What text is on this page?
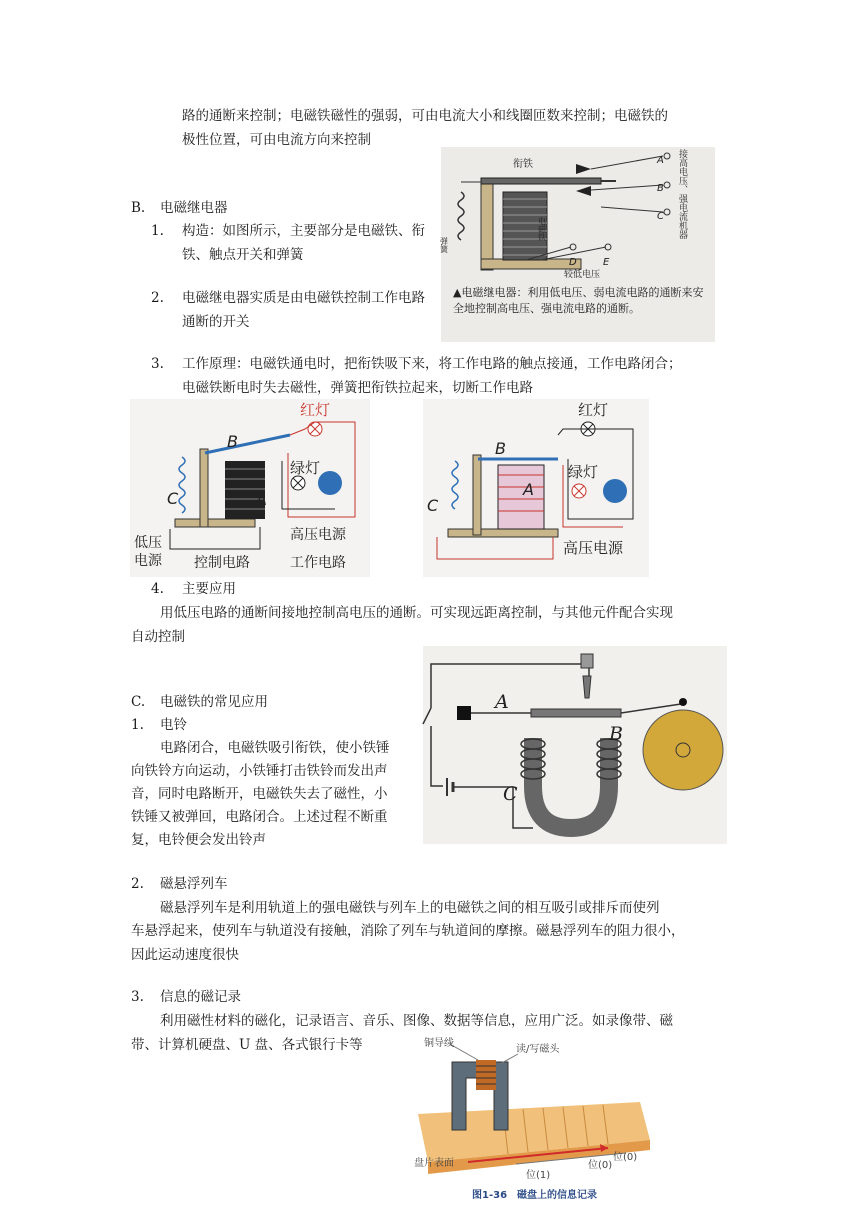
路的通断来控制；电磁铁磁性的强弱，可由电流大小和线圈匝数来控制；电磁铁的
极性位置，可由电流方向来控制
B. 电磁继电器
1. 构造：如图所示，主要部分是电磁铁、衔铁、触点开关和弹簧
2. 电磁继电器实质是由电磁铁控制工作电路通断的开关
3. 工作原理：电磁铁通电时，把衔铁吸下来，将工作电路的触点接通，工作电路闭合；
电磁铁断电时失去磁性，弹簧把衔铁拉起来，切断工作电路
A
B
C
D	E
衔铁
弹簧
电磁铁
较低电压
接高电压、强电流机器
▲电磁继电器：利用低电压、弱电流电路的通断来安全地控制高电压、强电流电路的通断。
红灯
绿灯
B
C	A
低压
电源 控制电路
高压电源
工作电路
红灯
绿灯
B
C
A
高压电源
4. 主要应用
用低压电路的通断间接地控制高电压的通断。可实现远距离控制，与其他元件配合实现
自动控制
C. 电磁铁的常见应用
1. 电铃
电路闭合，电磁铁吸引衔铁，使小铁锤
向铁铃方向运动，小铁锤打击铁铃而发出声
音，同时电路断开，电磁铁失去了磁性，小
铁锤又被弹回，电路闭合。上述过程不断重
复，电铃便会发出铃声
A
B
C
2. 磁悬浮列车
磁悬浮列车是利用轨道上的强电磁铁与列车上的电磁铁之间的相互吸引或排斥而使列
车悬浮起来，使列车与轨道没有接触，消除了列车与轨道间的摩擦。磁悬浮列车的阻力很小，
因此运动速度很快
3. 信息的磁记录
利用磁性材料的磁化，记录语言、音乐、图像、数据等信息，应用广泛。如录像带、磁
带、计算机硬盘、U 盘、各式银行卡等	铜导线
读/写磁头
盘片表面
位(1)
位(0)
位(0)
图1-36　磁盘上的信息记录
